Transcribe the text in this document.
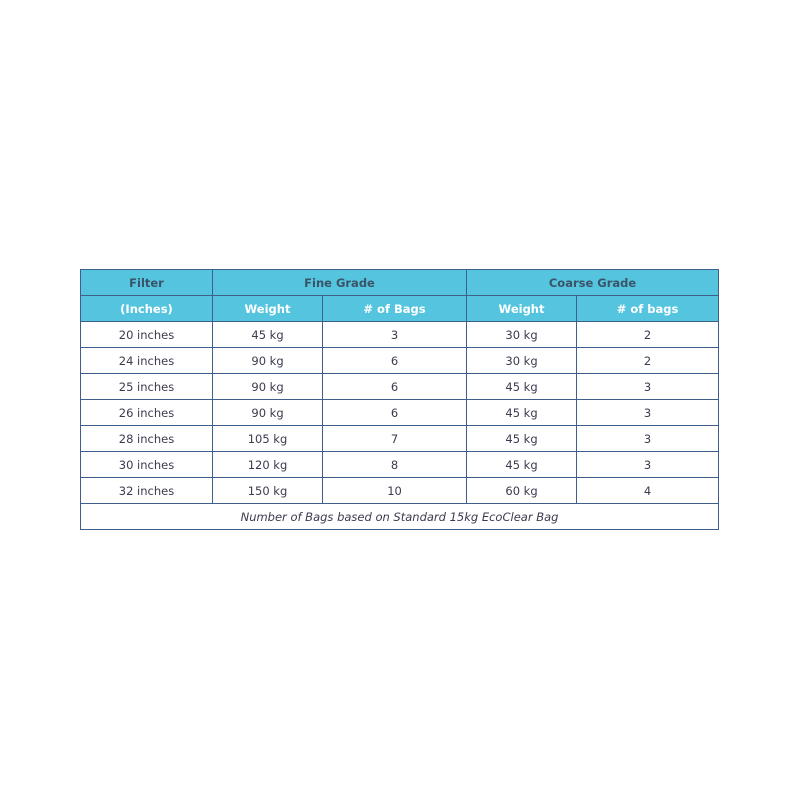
Filter	Fine Grade		Coarse Grade	
(Inches)	Weight	# of Bags	Weight	# of bags
20 inches	45 kg	3	30 kg	2
24 inches	90 kg	6	30 kg	2
25 inches	90 kg	6	45 kg	3
26 inches	90 kg	6	45 kg	3
28 inches	105 kg	7	45 kg	3
30 inches	120 kg	8	45 kg	3
32 inches	150 kg	10	60 kg	4
Number of Bags based on Standard 15kg EcoClear Bag				
